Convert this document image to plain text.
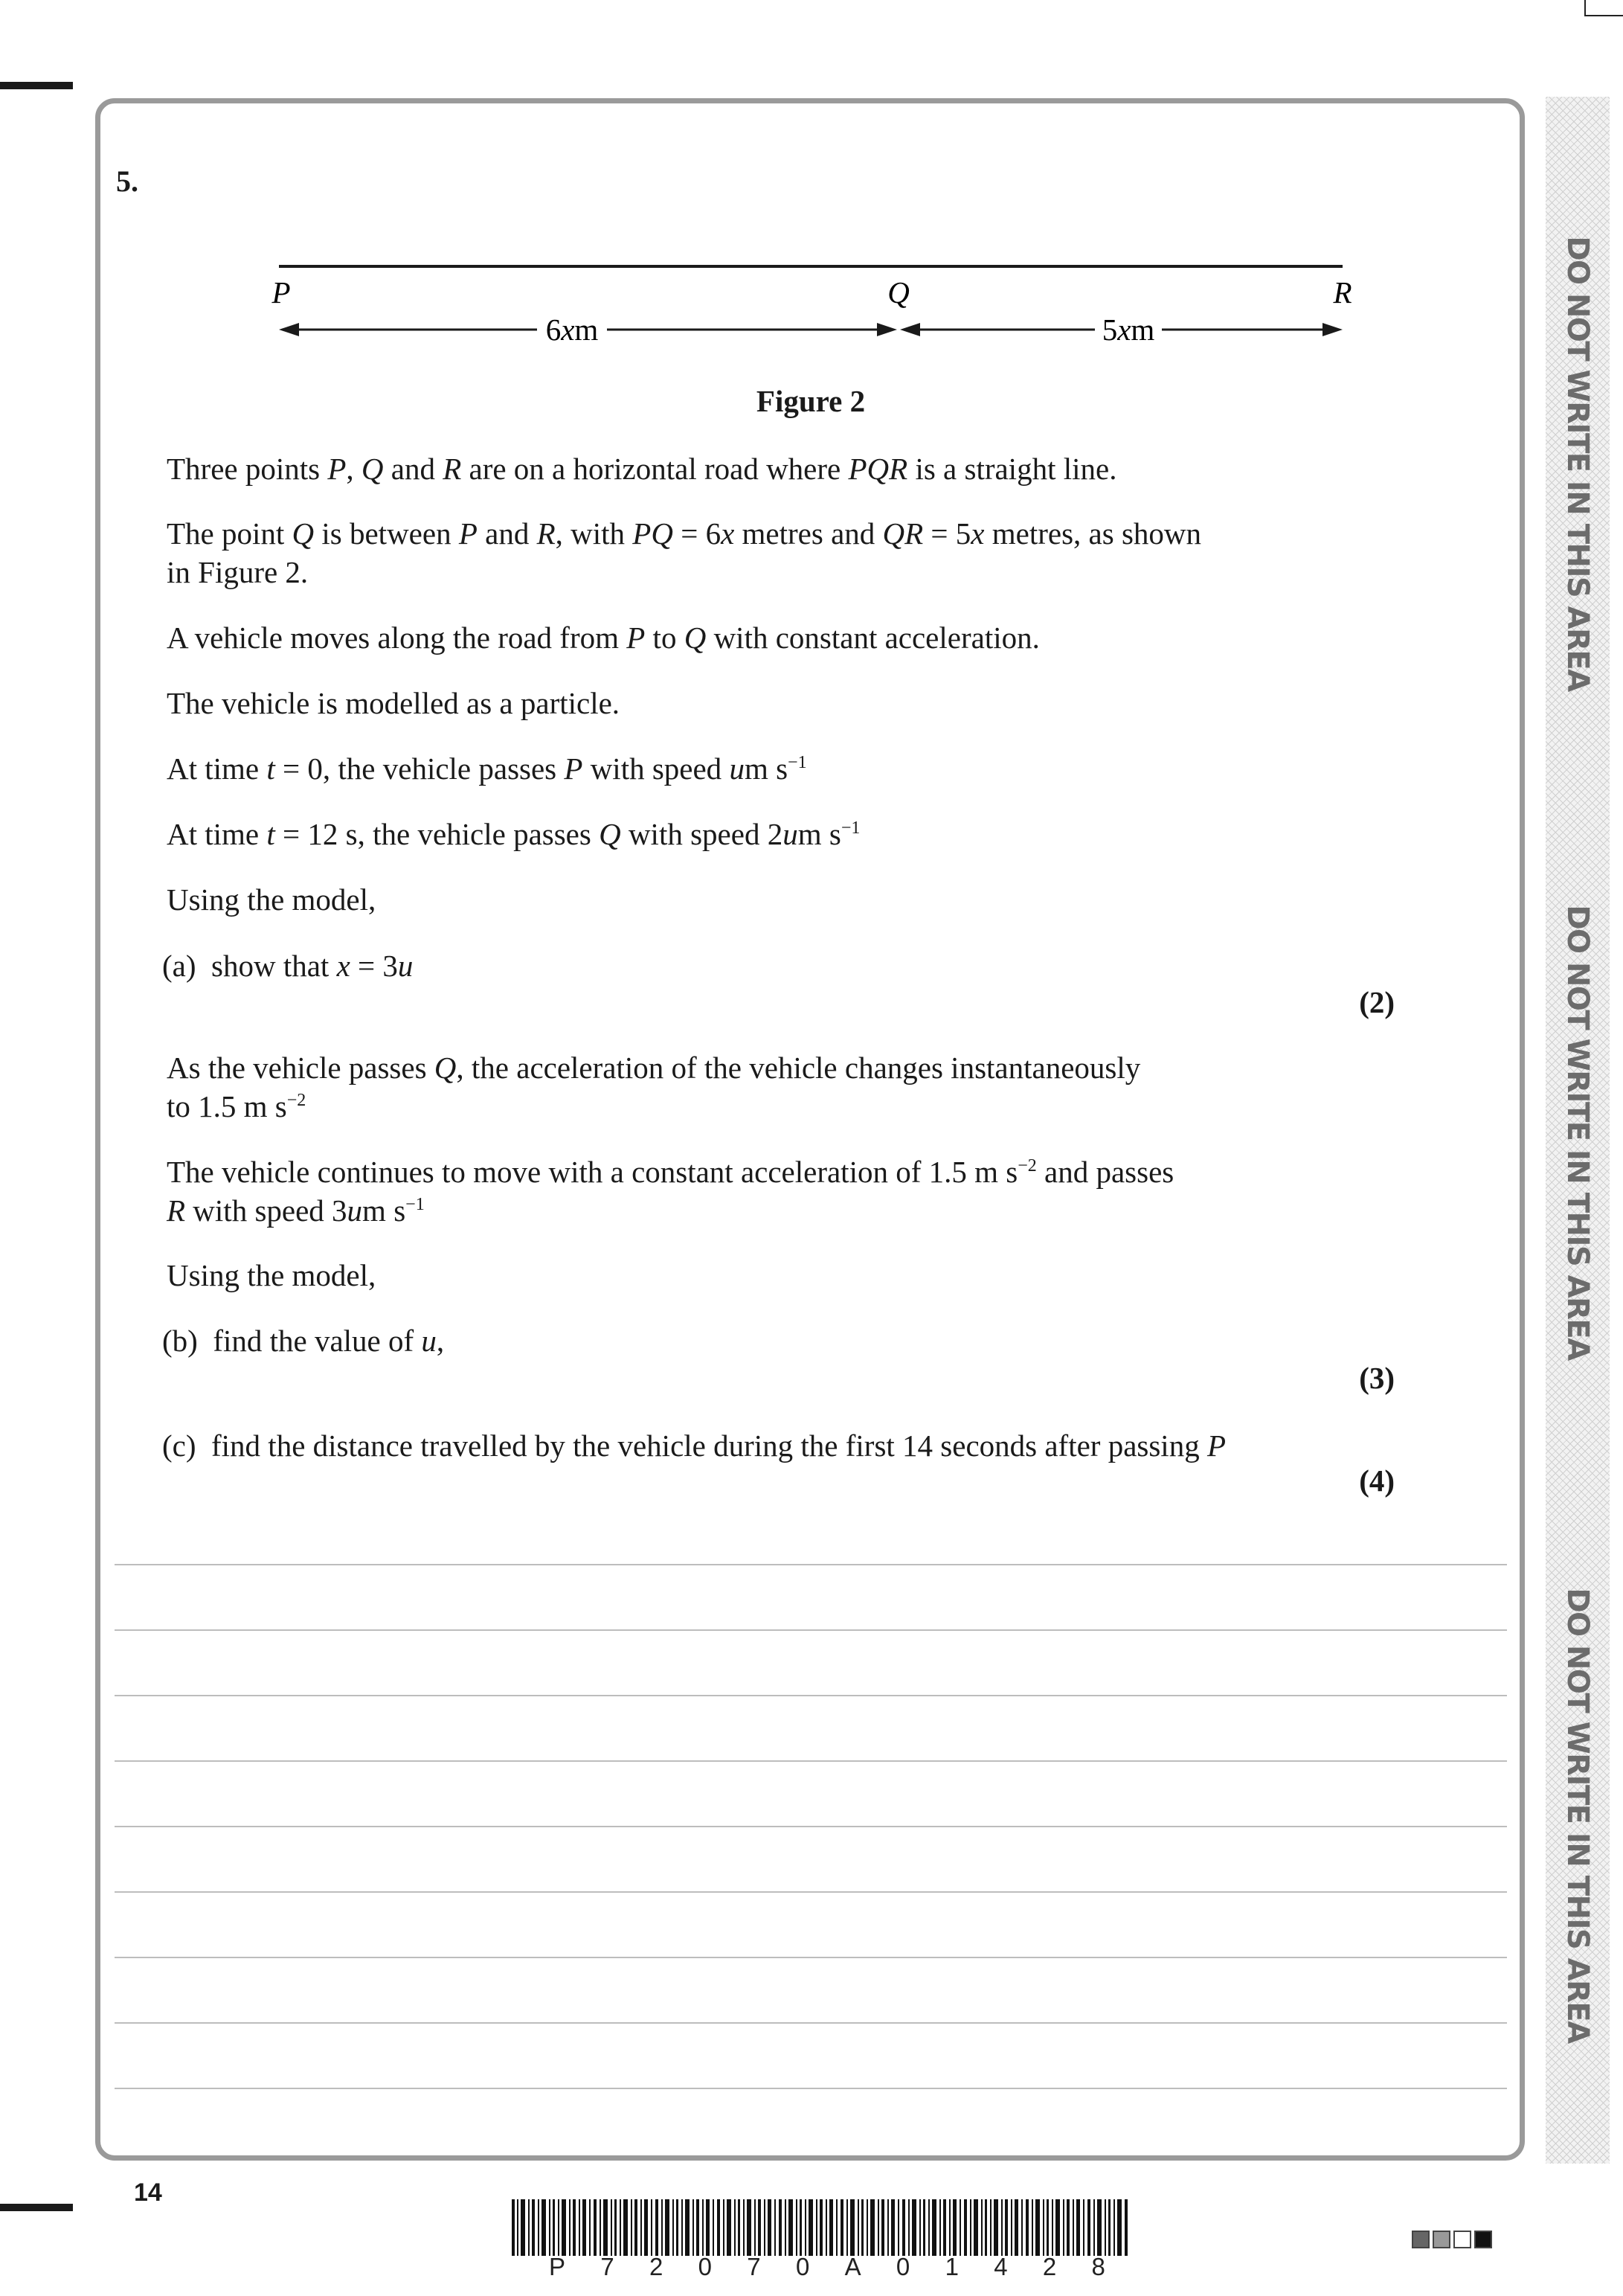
DO NOT WRITE IN THIS AREA
DO NOT WRITE IN THIS AREA
DO NOT WRITE IN THIS AREA
5.
P	Q	R
6xm	5xm
Figure 2
Three points P, Q and R are on a horizontal road where PQR is a straight line.
The point Q is between P and R, with PQ = 6x metres and QR = 5x metres, as shown
in Figure 2.
A vehicle moves along the road from P to Q with constant acceleration.
The vehicle is modelled as a particle.
At time t = 0, the vehicle passes P with speed um $s^{-1}$
At time t = 12 s, the vehicle passes Q with speed 2um $s^{-1}$
Using the model,
(a) show that x = 3u
(2)
As the vehicle passes Q, the acceleration of the vehicle changes instantaneously
to 1.5 m $s^{-2}$
The vehicle continues to move with a constant acceleration of 1.5 m $s^{-2}$ and passes
R with speed 3um $s^{-1}$
Using the model,
(b) find the value of u,
(3)
(c) find the distance travelled by the vehicle during the first 14 seconds after passing P
(4)
14
P 7 2 0 7 0 A 0 1 4 2 8
